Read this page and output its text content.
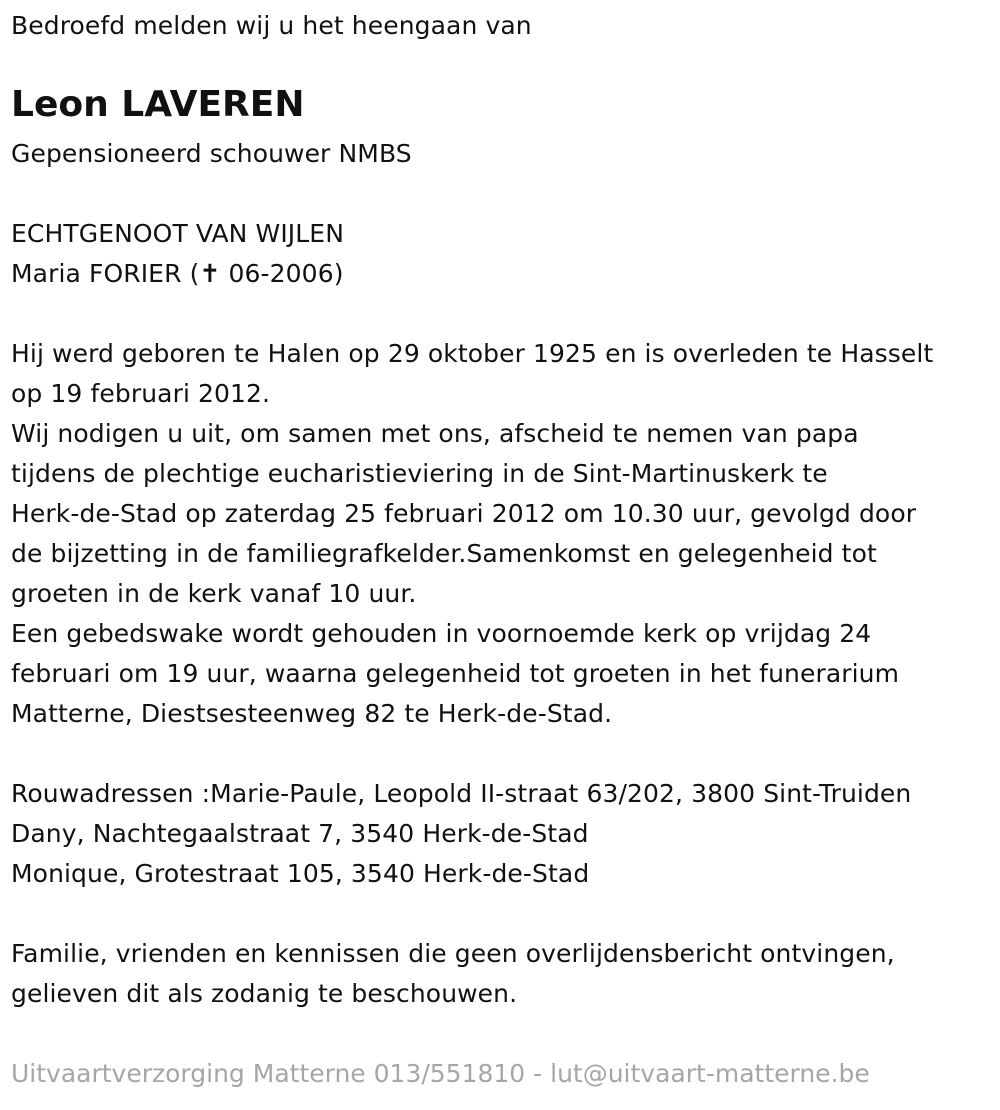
Bedroefd melden wij u het heengaan van
Leon LAVEREN
Gepensioneerd schouwer NMBS
ECHTGENOOT VAN WIJLEN
Maria FORIER (✝ 06-2006)
Hij werd geboren te Halen op 29 oktober 1925 en is overleden te Hasselt
op 19 februari 2012.
Wij nodigen u uit, om samen met ons, afscheid te nemen van papa
tijdens de plechtige eucharistieviering in de Sint-Martinuskerk te
Herk-de-Stad op zaterdag 25 februari 2012 om 10.30 uur, gevolgd door
de bijzetting in de familiegrafkelder.Samenkomst en gelegenheid tot
groeten in de kerk vanaf 10 uur.
Een gebedswake wordt gehouden in voornoemde kerk op vrijdag 24
februari om 19 uur, waarna gelegenheid tot groeten in het funerarium
Matterne, Diestsesteenweg 82 te Herk-de-Stad.
Rouwadressen :Marie-Paule, Leopold II-straat 63/202, 3800 Sint-Truiden
Dany, Nachtegaalstraat 7, 3540 Herk-de-Stad
Monique, Grotestraat 105, 3540 Herk-de-Stad
Familie, vrienden en kennissen die geen overlijdensbericht ontvingen,
gelieven dit als zodanig te beschouwen.
Uitvaartverzorging Matterne 013/551810 - lut@uitvaart-matterne.be
